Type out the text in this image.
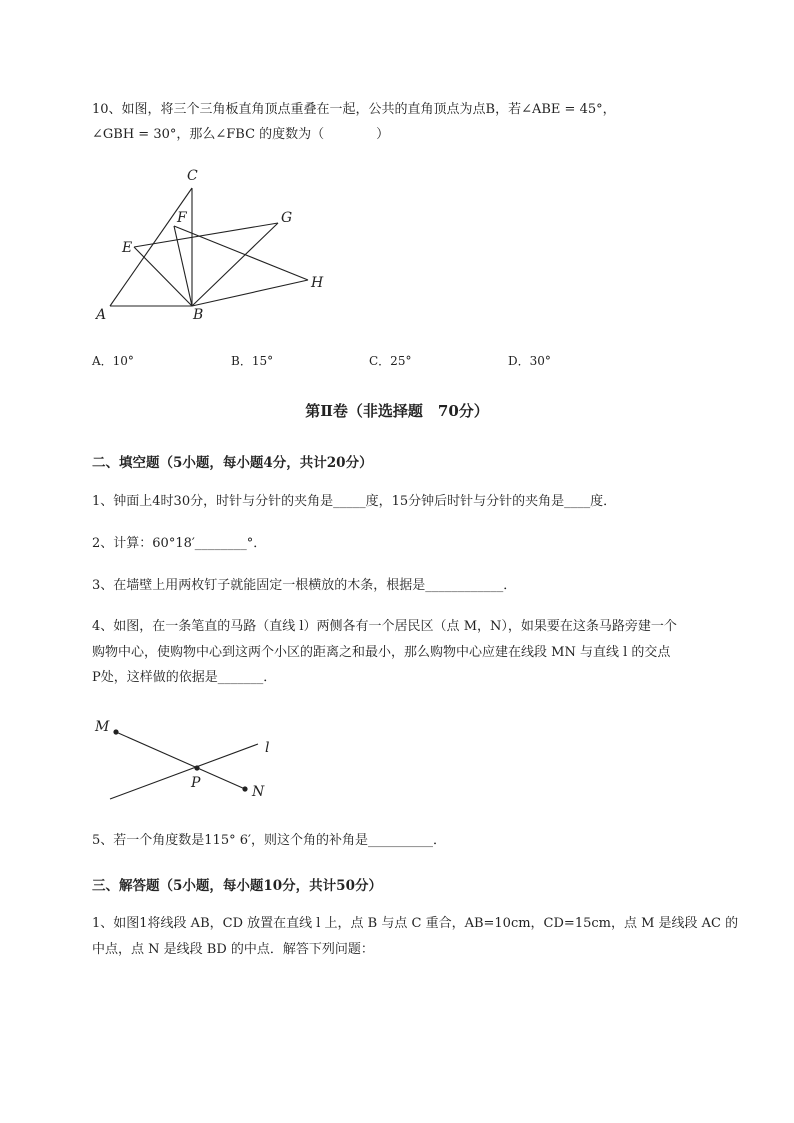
10、如图，将三个三角板直角顶点重叠在一起，公共的直角顶点为点B，若∠ABE = 45°，
∠GBH = 30°，那么∠FBC 的度数为（　　　　）
C
F	G
E
H
A	B
A．10°	B．15°	C．25°	D．30°
第Ⅱ卷（非选择题　70分）
二、填空题（5小题，每小题4分，共计20分）
1、钟面上4时30分，时针与分针的夹角是_____度，15分钟后时针与分针的夹角是____度．
2、计算：60°18′________°．
3、在墙壁上用两枚钉子就能固定一根横放的木条，根据是____________．
4、如图，在一条笔直的马路（直线 l）两侧各有一个居民区（点 M，N），如果要在这条马路旁建一个
购物中心，使购物中心到这两个小区的距离之和最小，那么购物中心应建在线段 MN 与直线 l 的交点
P处，这样做的依据是_______．
M
l
P
N
5、若一个角度数是115° 6′，则这个角的补角是__________．
三、解答题（5小题，每小题10分，共计50分）
1、如图1将线段 AB，CD 放置在直线 l 上，点 B 与点 C 重合，AB=10cm，CD=15cm，点 M 是线段 AC 的
中点，点 N 是线段 BD 的中点．解答下列问题：
